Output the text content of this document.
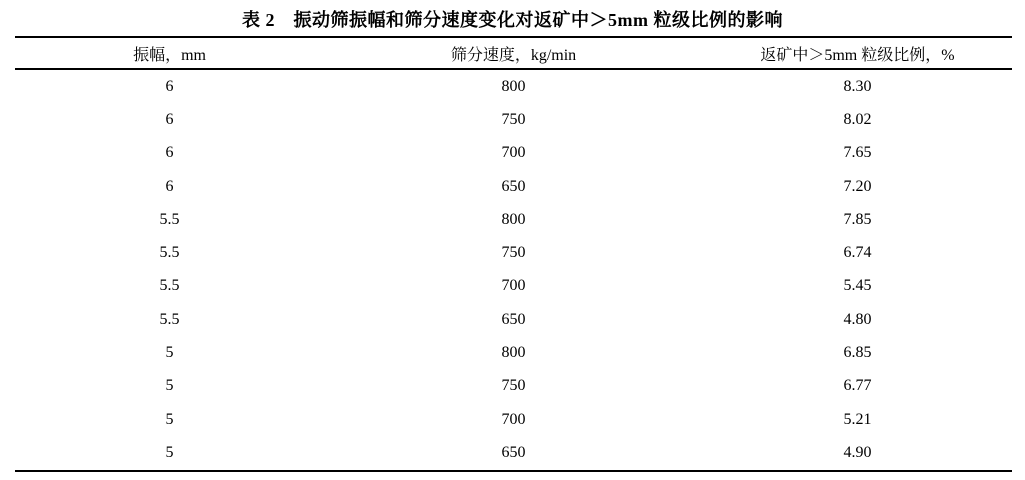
表 2　振动筛振幅和筛分速度变化对返矿中＞5mm 粒级比例的影响
振幅，mm	筛分速度，kg/min	返矿中＞5mm 粒级比例，%
6	800	8.30
6	750	8.02
6	700	7.65
6	650	7.20
5.5	800	7.85
5.5	750	6.74
5.5	700	5.45
5.5	650	4.80
5	800	6.85
5	750	6.77
5	700	5.21
5	650	4.90
